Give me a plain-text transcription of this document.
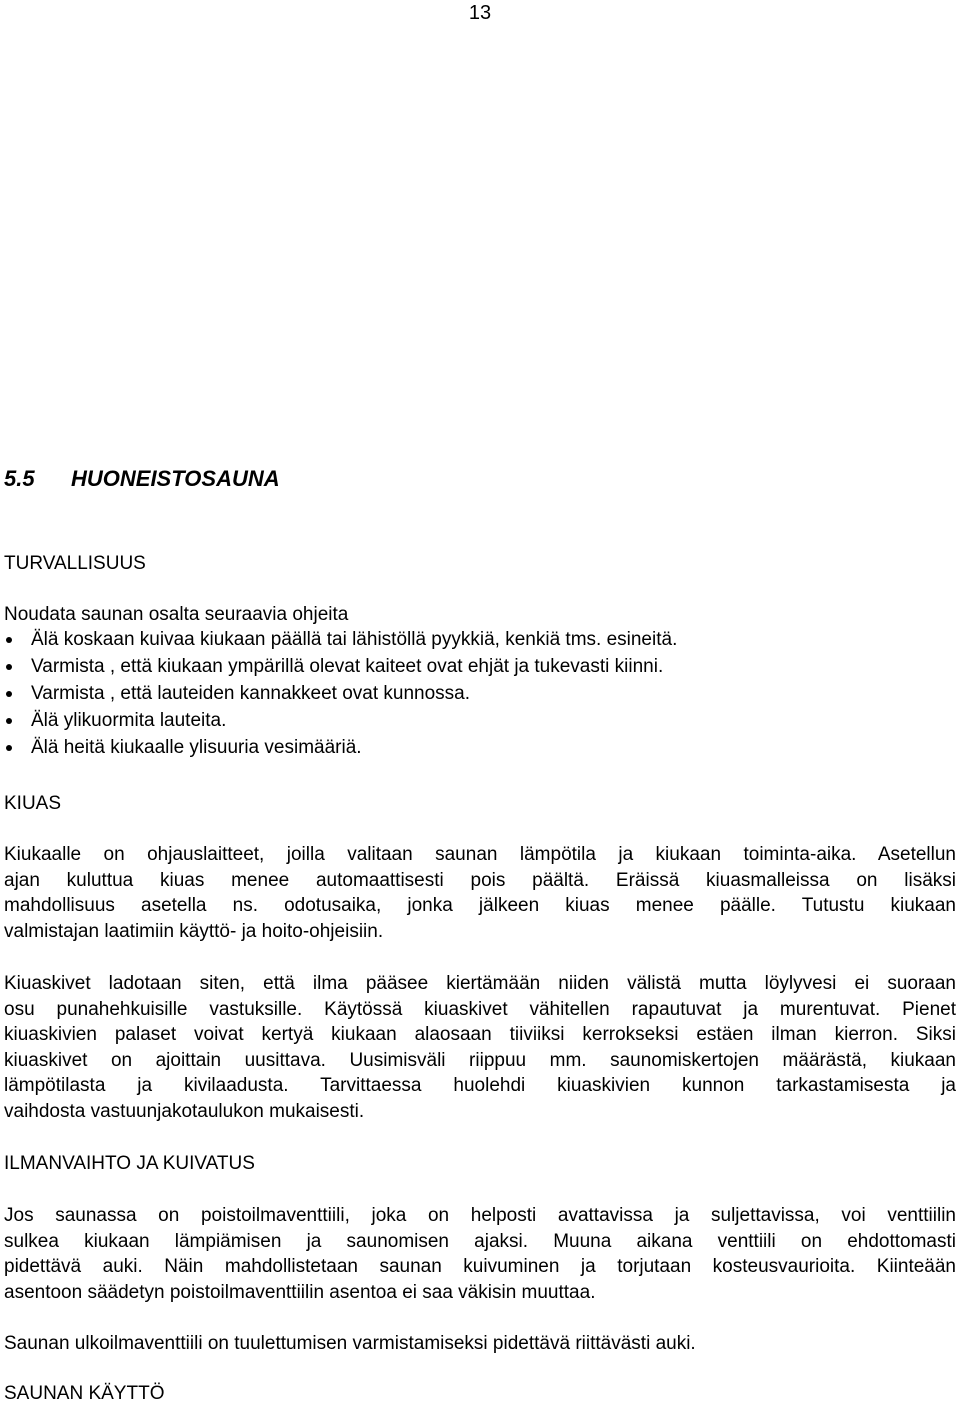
13
5.5 HUONEISTOSAUNA
TURVALLISUUS
Noudata saunan osalta seuraavia ohjeita
Älä koskaan kuivaa kiukaan päällä tai lähistöllä pyykkiä, kenkiä tms. esineitä.
Varmista , että kiukaan ympärillä olevat kaiteet ovat ehjät ja tukevasti kiinni.
Varmista , että lauteiden kannakkeet ovat kunnossa.
Älä ylikuormita lauteita.
Älä heitä kiukaalle ylisuuria vesimääriä.
KIUAS
Kiukaalle on ohjauslaitteet, joilla valitaan saunan lämpötila ja kiukaan toiminta-aika. Asetellun
ajan kuluttua kiuas menee automaattisesti pois päältä. Eräissä kiuasmalleissa on lisäksi
mahdollisuus asetella ns. odotusaika, jonka jälkeen kiuas menee päälle. Tutustu kiukaan
valmistajan laatimiin käyttö- ja hoito-ohjeisiin.
Kiuaskivet ladotaan siten, että ilma pääsee kiertämään niiden välistä mutta löylyvesi ei suoraan
osu punahehkuisille vastuksille. Käytössä kiuaskivet vähitellen rapautuvat ja murentuvat. Pienet
kiuaskivien palaset voivat kertyä kiukaan alaosaan tiiviiksi kerrokseksi estäen ilman kierron. Siksi
kiuaskivet on ajoittain uusittava. Uusimisväli riippuu mm. saunomiskertojen määrästä, kiukaan
lämpötilasta ja kivilaadusta. Tarvittaessa huolehdi kiuaskivien kunnon tarkastamisesta ja
vaihdosta vastuunjakotaulukon mukaisesti.
ILMANVAIHTO JA KUIVATUS
Jos saunassa on poistoilmaventtiili, joka on helposti avattavissa ja suljettavissa, voi venttiilin
sulkea kiukaan lämpiämisen ja saunomisen ajaksi. Muuna aikana venttiili on ehdottomasti
pidettävä auki. Näin mahdollistetaan saunan kuivuminen ja torjutaan kosteusvaurioita. Kiinteään
asentoon säädetyn poistoilmaventtiilin asentoa ei saa väkisin muuttaa.
Saunan ulkoilmaventtiili on tuulettumisen varmistamiseksi pidettävä riittävästi auki.
SAUNAN KÄYTTÖ
